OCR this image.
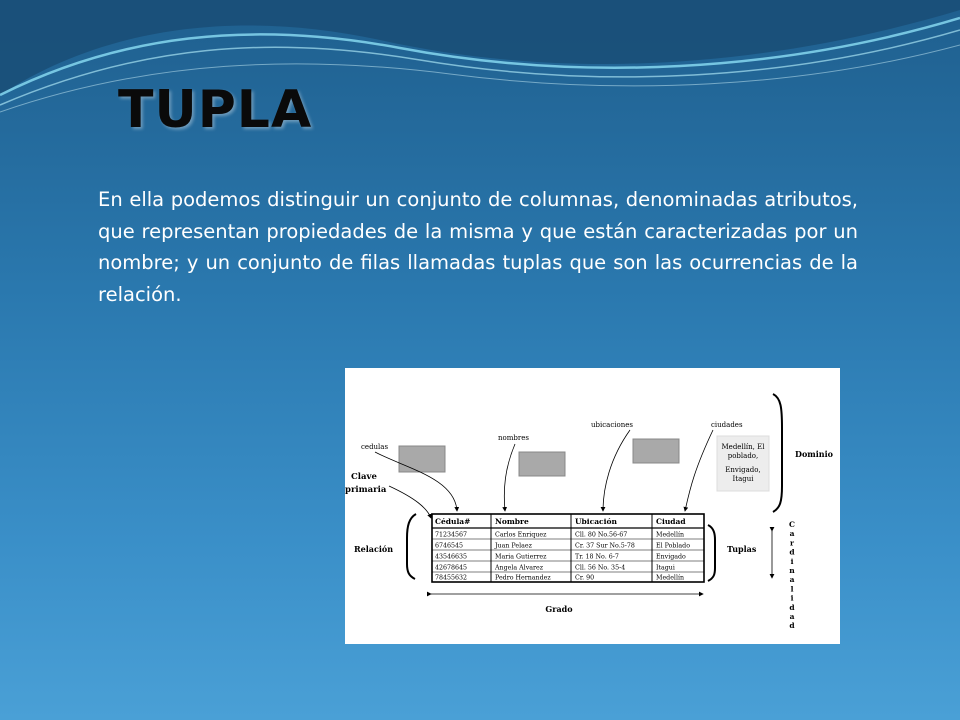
TUPLA

En ella podemos distinguir un conjunto de columnas, denominadas atributos, que representan propiedades de la misma y que están caracterizadas por un nombre; y un conjunto de filas llamadas tuplas que son las ocurrencias de la relación.

cedulas
nombres
ubicaciones	ciudades
Medellín, El
poblado,
Envigado,
Itagui
Clave
primaria
Dominio
Relación	Tuplas
C
a
r
d
i
n
a
l
i
d
a
d
Grado
Cédula#	Nombre	Ubicación	Ciudad
71234567	Carlos Enriquez	Cll. 80 No.56-67	Medellín
6746545	Juan Pelaez	Cr. 37 Sur No.5-78	El Poblado
43546635	Maria Gutierrez	Tr. 18 No. 6-7	Envigado
42678645	Angela Alvarez	Cll. 56 No. 35-4	Itagui
78455632	Pedro Hernandez	Cr. 90	Medellín
